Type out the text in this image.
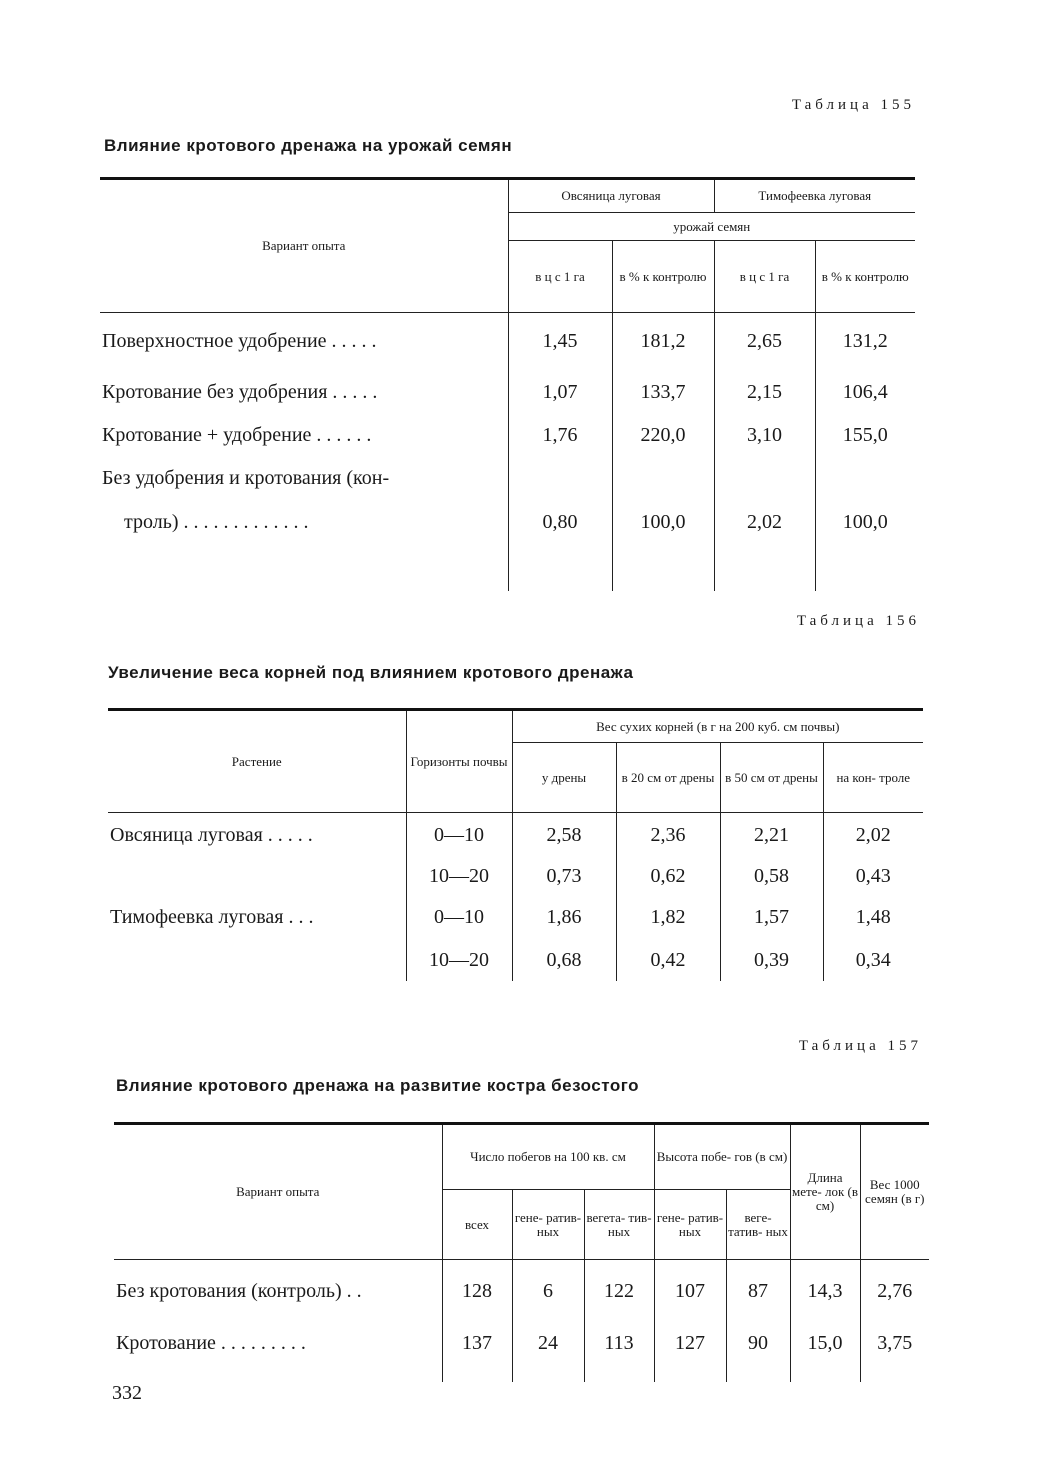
Таблица 155
Влияние кротового дренажа на урожай семян
Вариант опыта	Овсяница луговая		Тимофеевка луговая	
	урожай семян			
	в ц с 1 га	в % к контролю	в ц с 1 га	в % к контролю
Поверхностное удобрение . . . . .	1,45	181,2	2,65	131,2
Кротование без удобрения . . . . .	1,07	133,7	2,15	106,4
Кротование + удобрение . . . . . .	1,76	220,0	3,10	155,0
Без удобрения и кротования (кон-				
троль) . . . . . . . . . . . . .	0,80	100,0	2,02	100,0

Таблица 156
Увеличение веса корней под влиянием кротового дренажа
Растение	Горизонты почвы	Вес сухих корней (в г на 200 куб. см почвы)			
		у дрены	в 20 см от дрены	в 50 см от дрены	на кон- троле
Овсяница луговая . . . . .	0—10	2,58	2,36	2,21	2,02
	10—20	0,73	0,62	0,58	0,43
Тимофеевка луговая . . .	0—10	1,86	1,82	1,57	1,48
	10—20	0,68	0,42	0,39	0,34
Таблица 157
Влияние кротового дренажа на развитие костра безостого
Вариант опыта	Число побегов на 100 кв. см			Высота побе- гов (в см)		Длина мете- лок (в см)	Вес 1000 семян (в г)
	всех	гене- ратив- ных	вегета- тив- ных	гене- ратив- ных	веге- татив- ных		
Без кротования (контроль) . .	128	6	122	107	87	14,3	2,76
Кротование . . . . . . . . .	137	24	113	127	90	15,0	3,75

332
